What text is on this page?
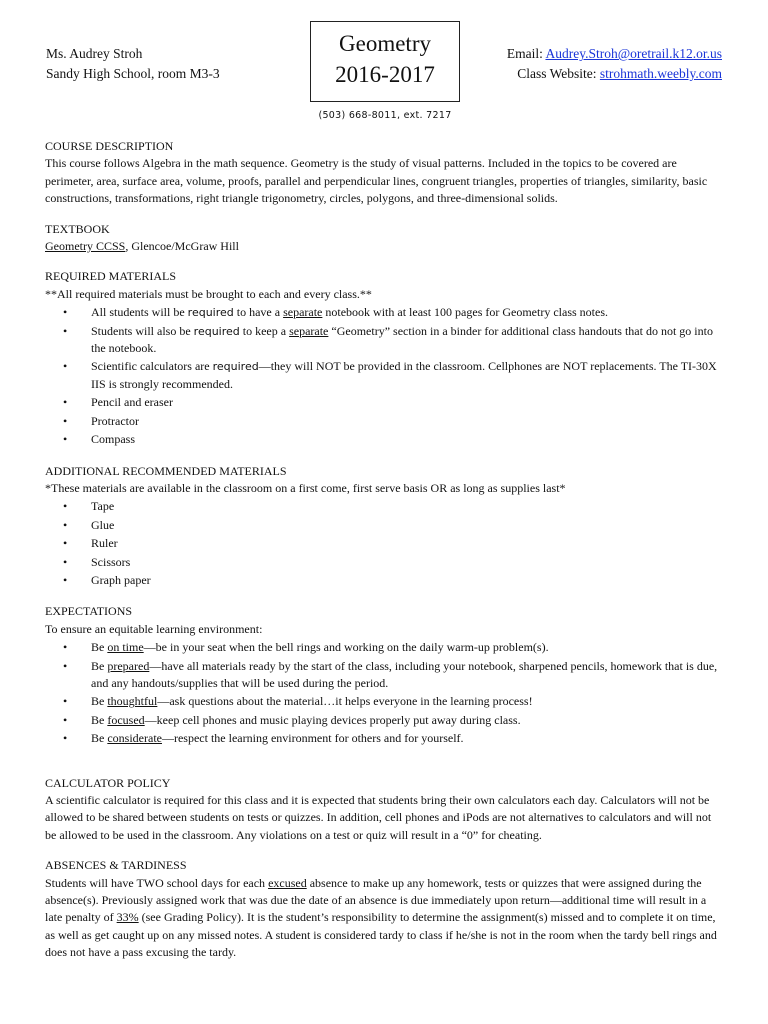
Ms. Audrey Stroh
Sandy High School, room M3-3
Geometry
2016-2017
(503) 668-8011, ext. 7217
Email: Audrey.Stroh@oretrail.k12.or.us
Class Website: strohmath.weebly.com

COURSE DESCRIPTION

This course follows Algebra in the math sequence. Geometry is the study of visual patterns. Included in the topics to be covered are perimeter, area, surface area, volume, proofs, parallel and perpendicular lines, congruent triangles, properties of triangles, similarity, basic constructions, transformations, right triangle trigonometry, circles, polygons, and three-dimensional solids.

TEXTBOOK

Geometry CCSS, Glencoe/McGraw Hill

REQUIRED MATERIALS

**All required materials must be brought to each and every class.**

• All students will be required to have a separate notebook with at least 100 pages for Geometry class notes.
• Students will also be required to keep a separate “Geometry” section in a binder for additional class handouts that do not go into the notebook.
• Scientific calculators are required—they will NOT be provided in the classroom. Cellphones are NOT replacements. The TI-30X IIS is strongly recommended.
• Pencil and eraser
• Protractor
• Compass

ADDITIONAL RECOMMENDED MATERIALS

*These materials are available in the classroom on a first come, first serve basis OR as long as supplies last*

• Tape
• Glue
• Ruler
• Scissors
• Graph paper

EXPECTATIONS

To ensure an equitable learning environment:

• Be on time—be in your seat when the bell rings and working on the daily warm-up problem(s).
• Be prepared—have all materials ready by the start of the class, including your notebook, sharpened pencils, homework that is due, and any handouts/supplies that will be used during the period.
• Be thoughtful—ask questions about the material…it helps everyone in the learning process!
• Be focused—keep cell phones and music playing devices properly put away during class.
• Be considerate—respect the learning environment for others and for yourself.

CALCULATOR POLICY

A scientific calculator is required for this class and it is expected that students bring their own calculators each day. Calculators will not be allowed to be shared between students on tests or quizzes. In addition, cell phones and iPods are not alternatives to calculators and will not be allowed to be used in the classroom. Any violations on a test or quiz will result in a “0” for cheating.

ABSENCES & TARDINESS

Students will have TWO school days for each excused absence to make up any homework, tests or quizzes that were assigned during the absence(s). Previously assigned work that was due the date of an absence is due immediately upon return—additional time will result in a late penalty of 33% (see Grading Policy). It is the student’s responsibility to determine the assignment(s) missed and to complete it on time, as well as get caught up on any missed notes. A student is considered tardy to class if he/she is not in the room when the tardy bell rings and does not have a pass excusing the tardy.
